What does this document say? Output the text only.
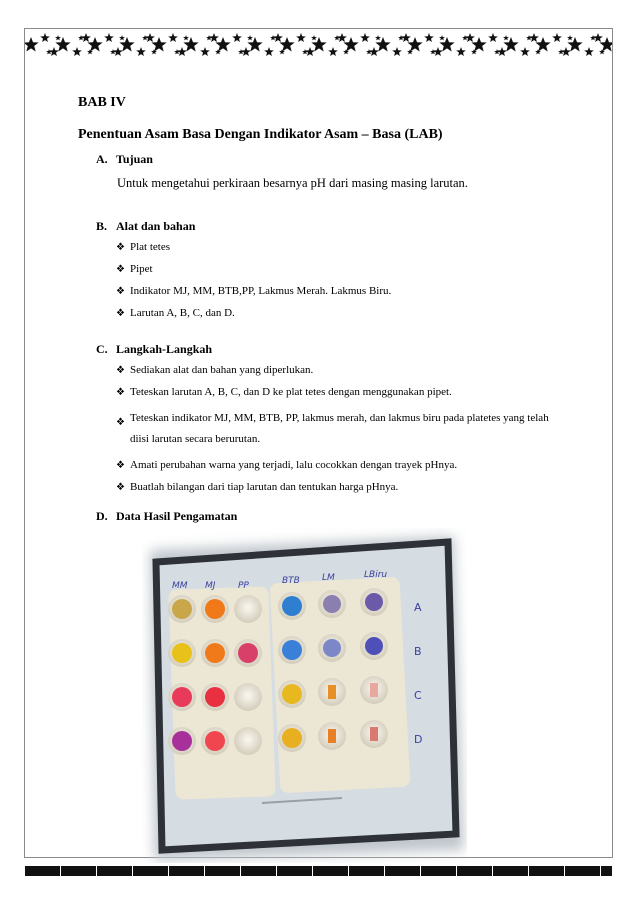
BAB IV

Penentuan Asam Basa Dengan Indikator Asam – Basa (LAB)

A. Tujuan
Untuk mengetahui perkiraan besarnya pH dari masing masing larutan.
B. Alat dan bahan
❖ Plat tetes
❖ Pipet
❖ Indikator MJ, MM, BTB,PP, Lakmus Merah. Lakmus Biru.
❖ Larutan A, B, C, dan D.
C. Langkah-Langkah
❖ Sediakan alat dan bahan yang diperlukan.
❖ Teteskan larutan A, B, C, dan D ke plat tetes dengan menggunakan pipet.
❖ Teteskan indikator MJ, MM, BTB, PP, lakmus merah, dan lakmus biru pada platetes yang telah diisi larutan secara berurutan.
❖ Amati perubahan warna yang terjadi, lalu cocokkan dengan trayek pHnya.
❖ Buatlah bilangan dari tiap larutan dan tentukan harga pHnya.
D. Data Hasil Pengamatan
MM MJ	PP	BTB LM	LBiru
A
B
C
D
